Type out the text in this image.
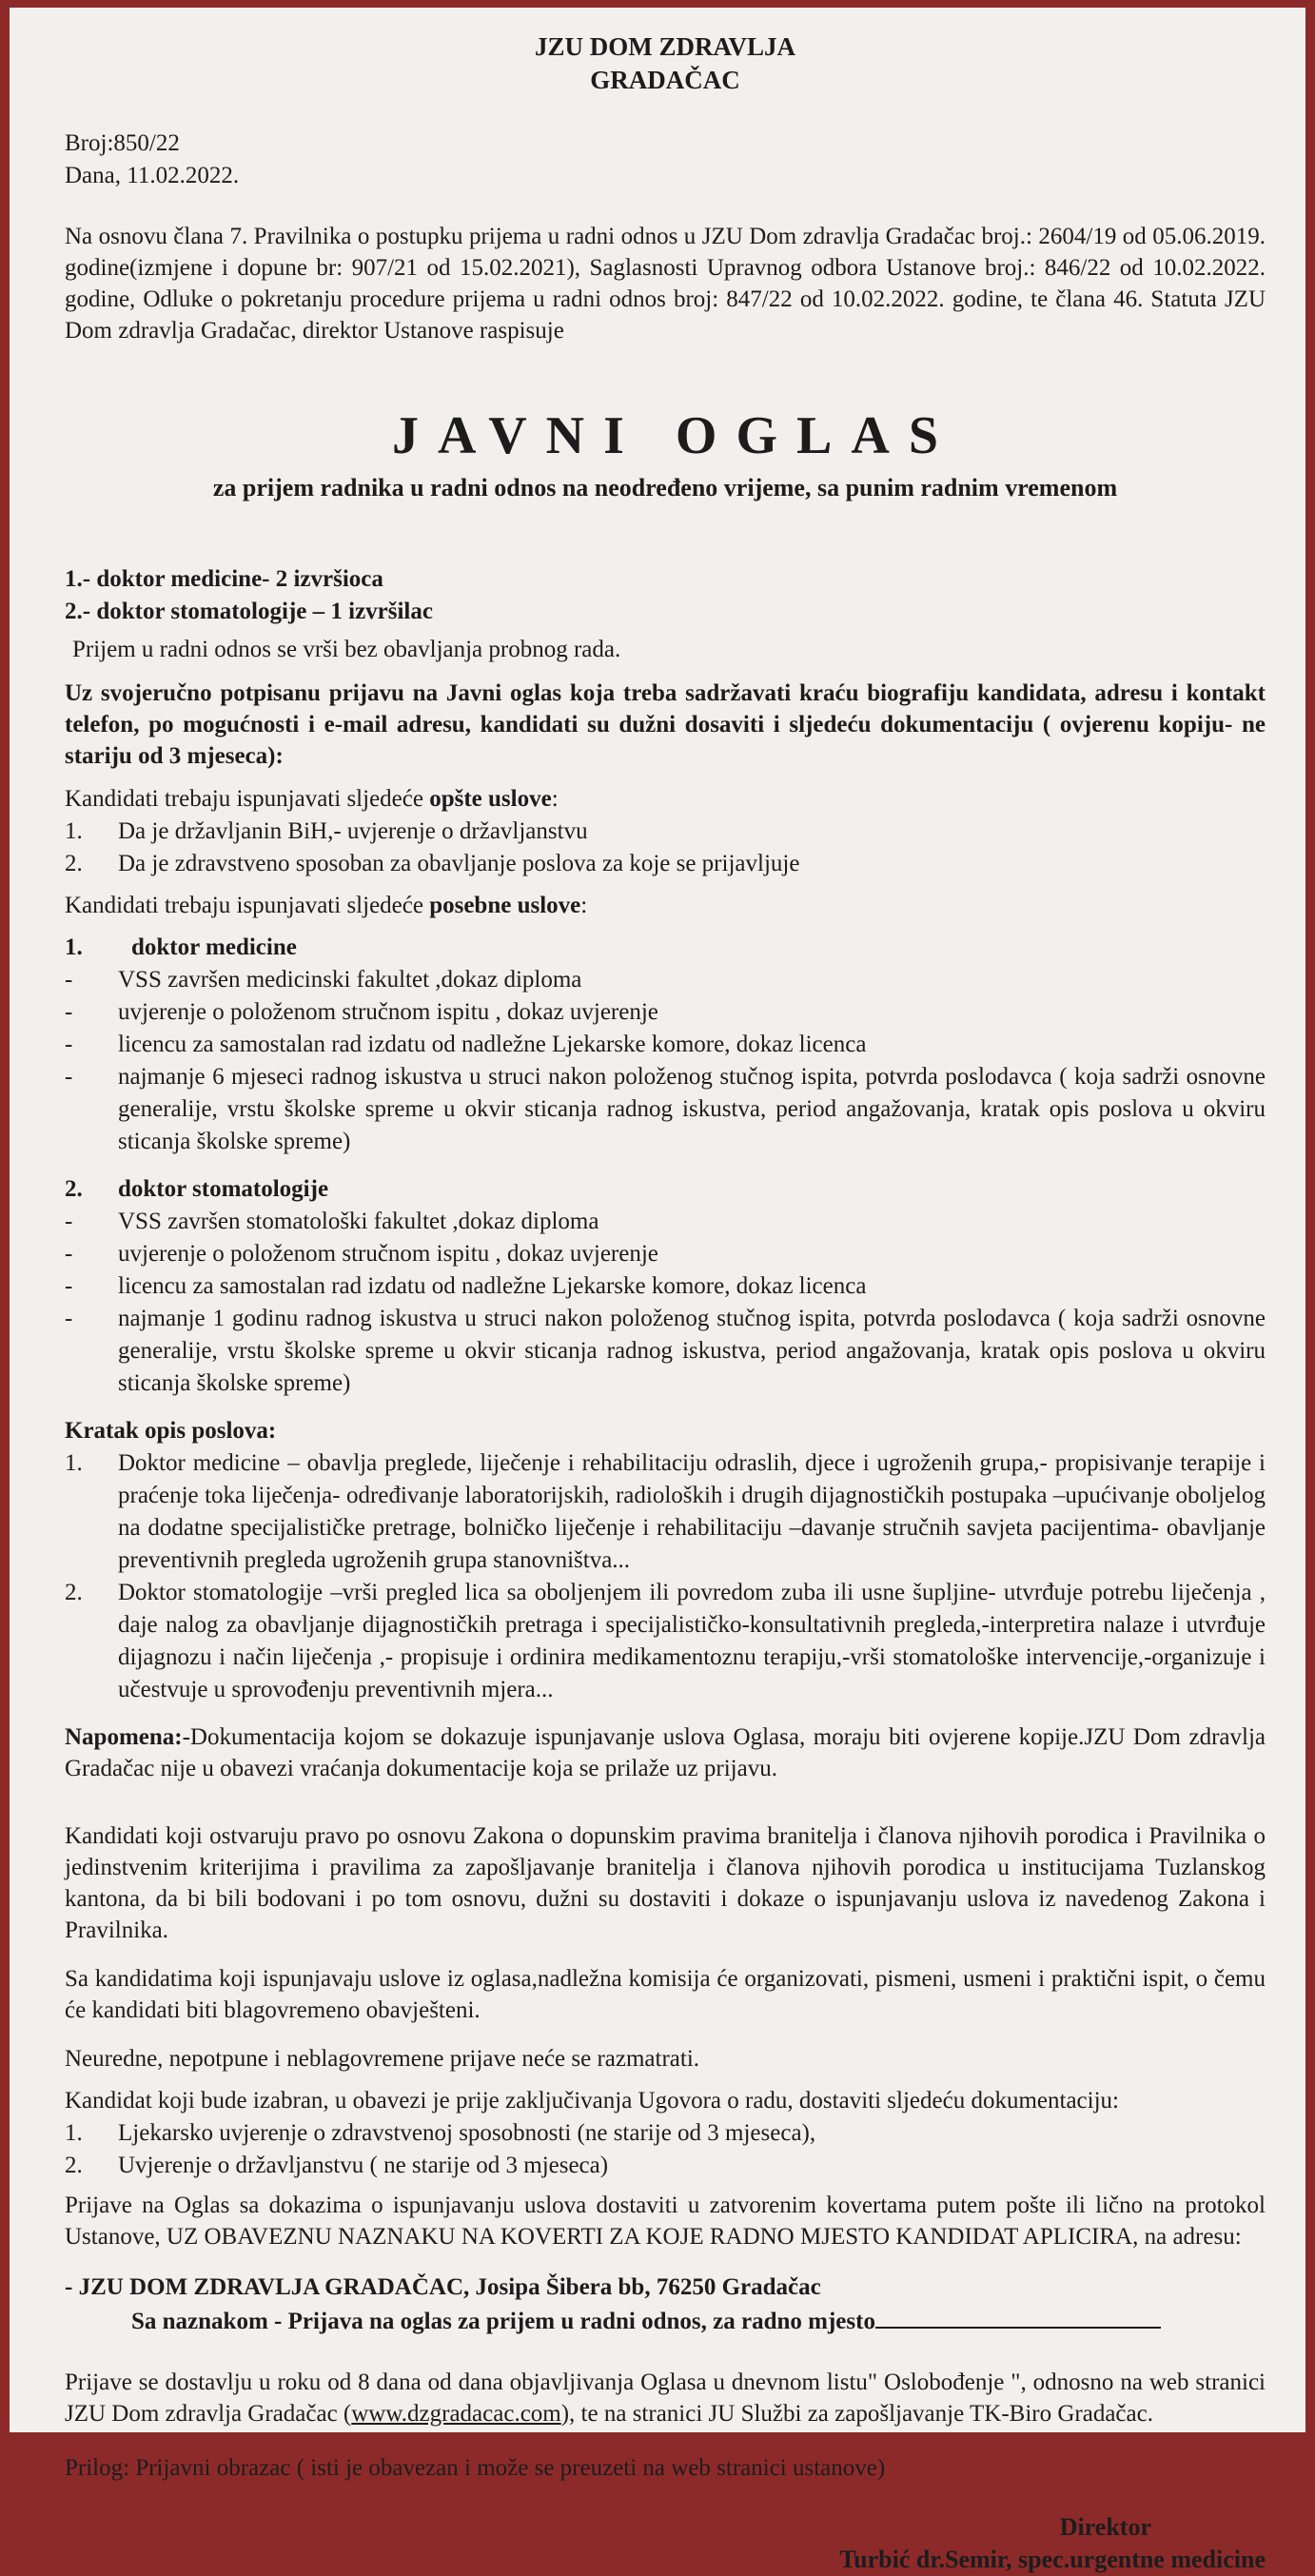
JZU DOM ZDRAVLJA
GRADAČAC
Broj:850/22
Dana, 11.02.2022.

Na osnovu člana 7. Pravilnika o postupku prijema u radni odnos u JZU Dom zdravlja Gradačac broj.: 2604/19 od 05.06.2019. godine(izmjene i dopune br: 907/21 od 15.02.2021), Saglasnosti Upravnog odbora Ustanove broj.: 846/22 od 10.02.2022. godine, Odluke o pokretanju procedure prijema u radni odnos broj: 847/22 od 10.02.2022. godine, te člana 46. Statuta JZU Dom zdravlja Gradačac, direktor Ustanove raspisuje

JAVNI OGLAS
za prijem radnika u radni odnos na neodređeno vrijeme, sa punim radnim vremenom
1.- doktor medicine- 2 izvršioca
2.- doktor stomatologije – 1 izvršilac

Prijem u radni odnos se vrši bez obavljanja probnog rada.

Uz svojeručno potpisanu prijavu na Javni oglas koja treba sadržavati kraću biografiju kandidata, adresu i kontakt telefon, po mogućnosti i e-mail adresu, kandidati su dužni dosaviti i sljedeću dokumentaciju ( ovjerenu kopiju- ne stariju od 3 mjeseca):

Kandidati trebaju ispunjavati sljedeće opšte uslove:
1.	Da je državljanin BiH,- uvjerenje o državljanstvu
2.	Da je zdravstveno sposoban za obavljanje poslova za koje se prijavljuje
Kandidati trebaju ispunjavati sljedeće posebne uslove:
1.	doktor medicine
-	VSS završen medicinski fakultet ,dokaz diploma
-	uvjerenje o položenom stručnom ispitu , dokaz uvjerenje
-	licencu za samostalan rad izdatu od nadležne Ljekarske komore, dokaz licenca
-	najmanje 6 mjeseci radnog iskustva u struci nakon položenog stučnog ispita, potvrda poslodavca ( koja sadrži osnovne generalije, vrstu školske spreme u okvir sticanja radnog iskustva, period angažovanja, kratak opis poslova u okviru sticanja školske spreme)
2.	doktor stomatologije
-	VSS završen stomatološki fakultet ,dokaz diploma
-	uvjerenje o položenom stručnom ispitu , dokaz uvjerenje
-	licencu za samostalan rad izdatu od nadležne Ljekarske komore, dokaz licenca
-	najmanje 1 godinu radnog iskustva u struci nakon položenog stučnog ispita, potvrda poslodavca ( koja sadrži osnovne generalije, vrstu školske spreme u okvir sticanja radnog iskustva, period angažovanja, kratak opis poslova u okviru sticanja školske spreme)
Kratak opis poslova:
1.	Doktor medicine – obavlja preglede, liječenje i rehabilitaciju odraslih, djece i ugroženih grupa,- propisivanje terapije i praćenje toka liječenja- određivanje laboratorijskih, radioloških i drugih dijagnostičkih postupaka –upućivanje oboljelog na dodatne specijalističke pretrage, bolničko liječenje i rehabilitaciju –davanje stručnih savjeta pacijentima- obavljanje preventivnih pregleda ugroženih grupa stanovništva...
2.	Doktor stomatologije –vrši pregled lica sa oboljenjem ili povredom zuba ili usne šupljine- utvrđuje potrebu liječenja , daje nalog za obavljanje dijagnostičkih pretraga i specijalističko-konsultativnih pregleda,-interpretira nalaze i utvrđuje dijagnozu i način liječenja ,- propisuje i ordinira medikamentoznu terapiju,-vrši stomatološke intervencije,-organizuje i učestvuje u sprovođenju preventivnih mjera...

Napomena:-Dokumentacija kojom se dokazuje ispunjavanje uslova Oglasa, moraju biti ovjerene kopije.JZU Dom zdravlja Gradačac nije u obavezi vraćanja dokumentacije koja se prilaže uz prijavu.

Kandidati koji ostvaruju pravo po osnovu Zakona o dopunskim pravima branitelja i članova njihovih porodica i Pravilnika o jedinstvenim kriterijima i pravilima za zapošljavanje branitelja i članova njihovih porodica u institucijama Tuzlanskog kantona, da bi bili bodovani i po tom osnovu, dužni su dostaviti i dokaze o ispunjavanju uslova iz navedenog Zakona i Pravilnika.

Sa kandidatima koji ispunjavaju uslove iz oglasa,nadležna komisija će organizovati, pismeni, usmeni i praktični ispit, o čemu će kandidati biti blagovremeno obavješteni.

Neuredne, nepotpune i neblagovremene prijave neće se razmatrati.

Kandidat koji bude izabran, u obavezi je prije zaključivanja Ugovora o radu, dostaviti sljedeću dokumentaciju:
1.	Ljekarsko uvjerenje o zdravstvenoj sposobnosti (ne starije od 3 mjeseca),
2.	Uvjerenje o državljanstvu ( ne starije od 3 mjeseca)

Prijave na Oglas sa dokazima o ispunjavanju uslova dostaviti u zatvorenim kovertama putem pošte ili lično na protokol Ustanove, UZ OBAVEZNU NAZNAKU NA KOVERTI ZA KOJE RADNO MJESTO KANDIDAT APLICIRA, na adresu:

- JZU DOM ZDRAVLJA GRADAČAC, Josipa Šibera bb, 76250 Gradačac
Sa naznakom - Prijava na oglas za prijem u radni odnos, za radno mjesto

Prijave se dostavlju u roku od 8 dana od dana objavljivanja Oglasa u dnevnom listu" Oslobođenje ", odnosno na web stranici JZU Dom zdravlja Gradačac (www.dzgradacac.com), te na stranici JU Službi za zapošljavanje TK-Biro Gradačac.

Prilog: Prijavni obrazac ( isti je obavezan i može se preuzeti na web stranici ustanove)

Direktor
Turbić dr.Semir, spec.urgentne medicine
